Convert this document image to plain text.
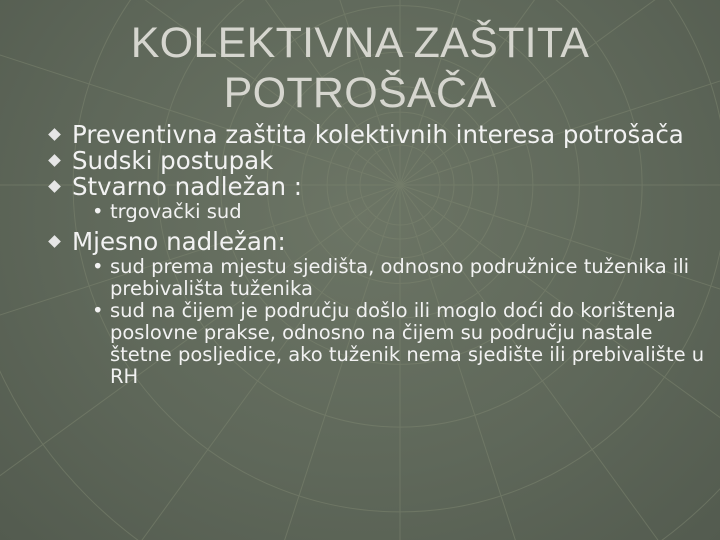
KOLEKTIVNA ZAŠTITA
POTROŠAČA
Preventivna zaštita kolektivnih interesa potrošača
Sudski postupak
Stvarno nadležan :
• trgovački sud
Mjesno nadležan:
• sud prema mjestu sjedišta, odnosno podružnice tuženika ili prebivališta tuženika
• sud na čijem je području došlo ili moglo doći do korištenja poslovne prakse, odnosno na čijem su području nastale štetne posljedice, ako tuženik nema sjedište ili prebivalište u RH
